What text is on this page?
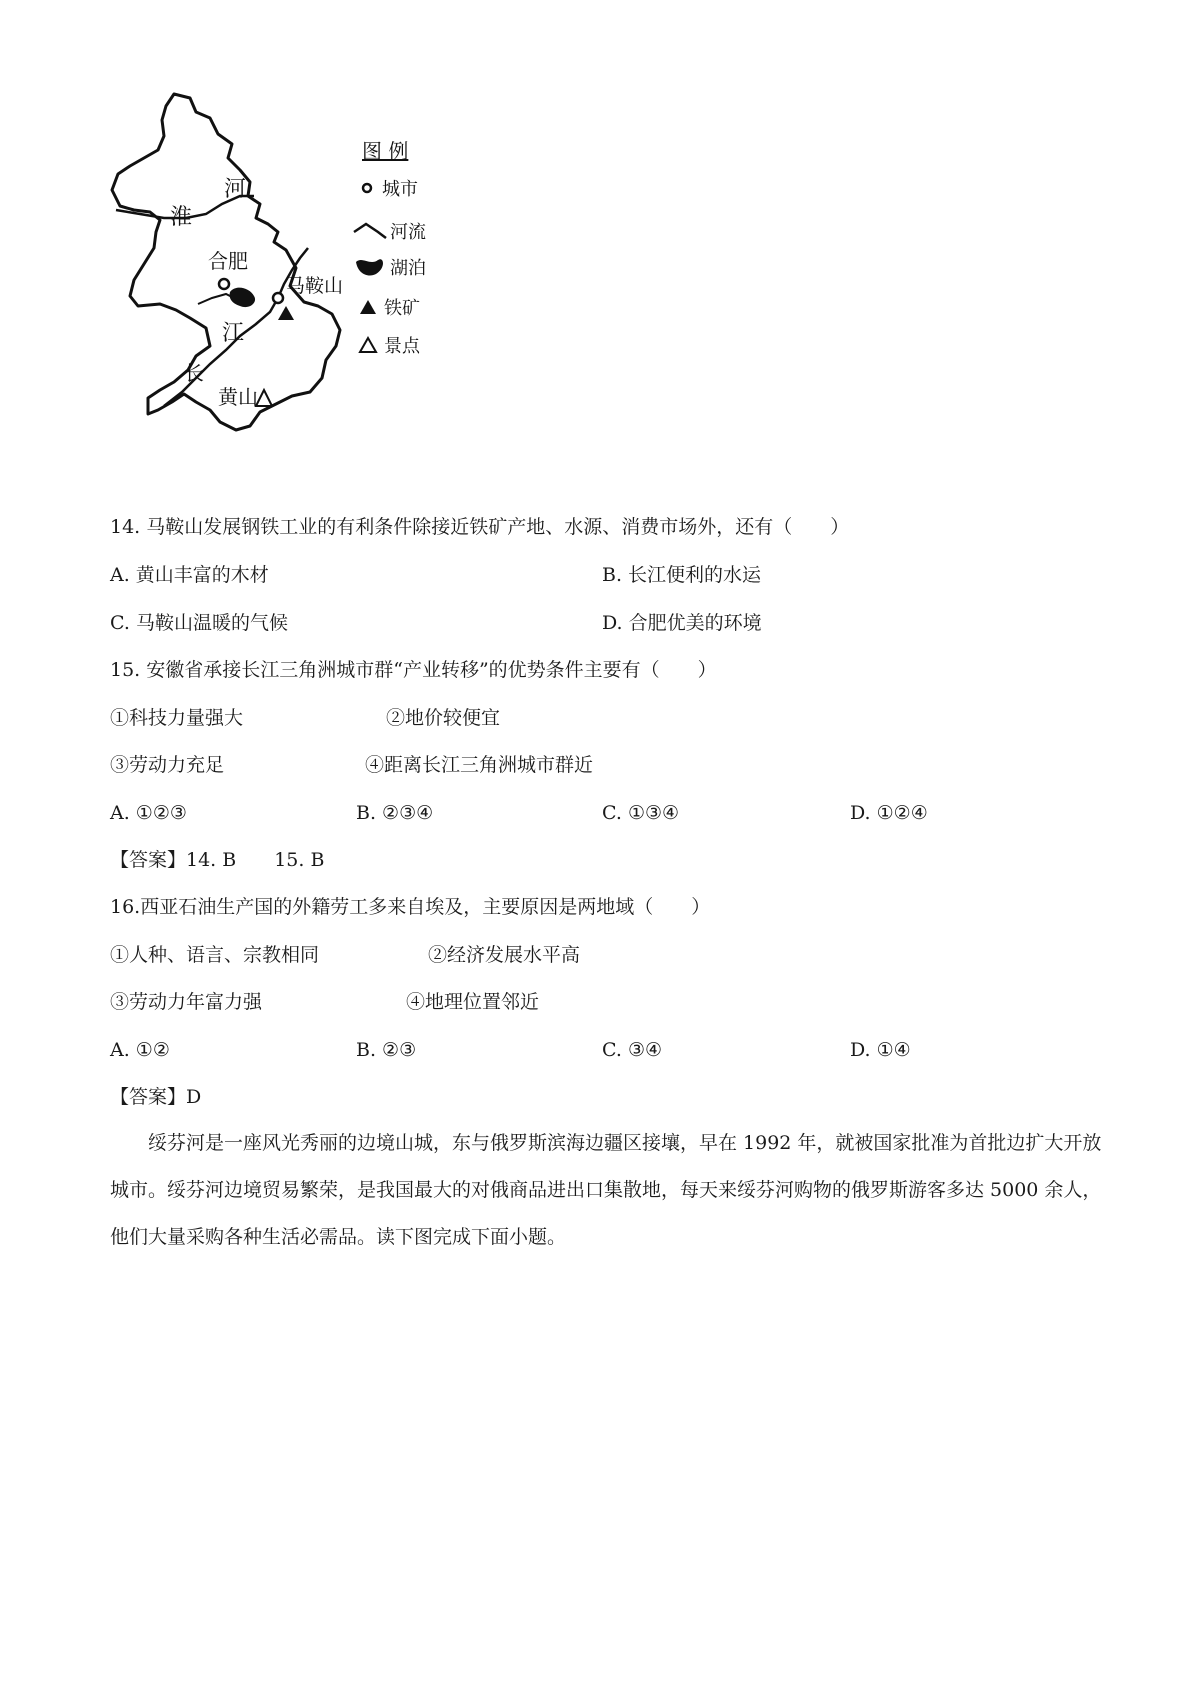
河
淮
合肥
马鞍山
江
长
黄山
图 例
城市
河流
湖泊
铁矿
景点
14. 马鞍山发展钢铁工业的有利条件除接近铁矿产地、水源、消费市场外，还有（　　）
A. 黄山丰富的木材	B. 长江便利的水运
C. 马鞍山温暖的气候	D. 合肥优美的环境
15. 安徽省承接长江三角洲城市群“产业转移”的优势条件主要有（　　）
①科技力量强大	②地价较便宜
③劳动力充足	④距离长江三角洲城市群近
A. ①②③	B. ②③④	C. ①③④	D. ①②④
【答案】14. B　　15. B
16.西亚石油生产国的外籍劳工多来自埃及，主要原因是两地域（　　）
①人种、语言、宗教相同	②经济发展水平高
③劳动力年富力强	④地理位置邻近
A. ①②	B. ②③	C. ③④	D. ①④
【答案】D
绥芬河是一座风光秀丽的边境山城，东与俄罗斯滨海边疆区接壤，早在 1992 年，就被国家批准为首批边扩大开放城市。绥芬河边境贸易繁荣，是我国最大的对俄商品进出口集散地，每天来绥芬河购物的俄罗斯游客多达 5000 余人，他们大量采购各种生活必需品。读下图完成下面小题。
